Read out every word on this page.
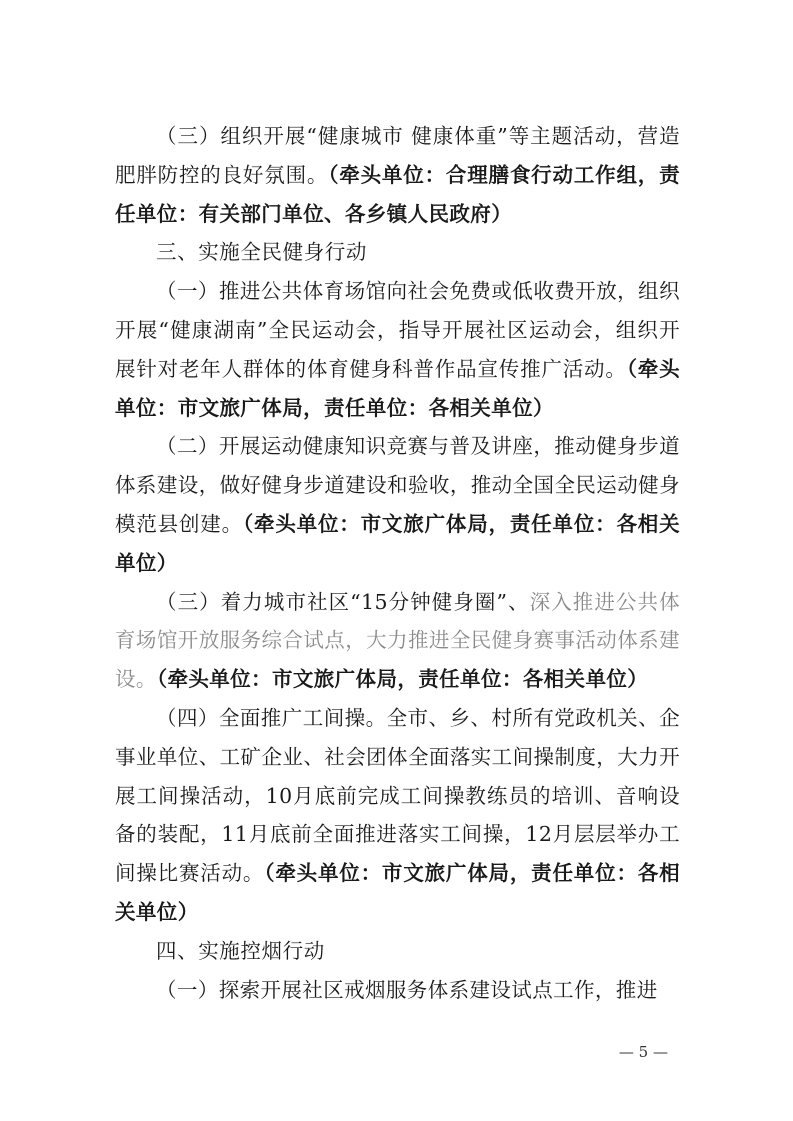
（三）组织开展“健康城市 健康体重”等主题活动，营造肥胖防控的良好氛围。（牵头单位：合理膳食行动工作组，责任单位：有关部门单位、各乡镇人民政府）

三、实施全民健身行动

（一）推进公共体育场馆向社会免费或低收费开放，组织开展“健康湖南”全民运动会，指导开展社区运动会，组织开展针对老年人群体的体育健身科普作品宣传推广活动。（牵头单位：市文旅广体局，责任单位：各相关单位）

（二）开展运动健康知识竞赛与普及讲座，推动健身步道体系建设，做好健身步道建设和验收，推动全国全民运动健身模范县创建。（牵头单位：市文旅广体局，责任单位：各相关单位）

（三）着力城市社区“15分钟健身圈”、深入推进公共体育场馆开放服务综合试点，大力推进全民健身赛事活动体系建设。（牵头单位：市文旅广体局，责任单位：各相关单位）

（四）全面推广工间操。全市、乡、村所有党政机关、企事业单位、工矿企业、社会团体全面落实工间操制度，大力开展工间操活动，10月底前完成工间操教练员的培训、音响设备的装配，11月底前全面推进落实工间操，12月层层举办工间操比赛活动。（牵头单位：市文旅广体局，责任单位：各相关单位）

四、实施控烟行动

（一）探索开展社区戒烟服务体系建设试点工作，推进

— 5 —
